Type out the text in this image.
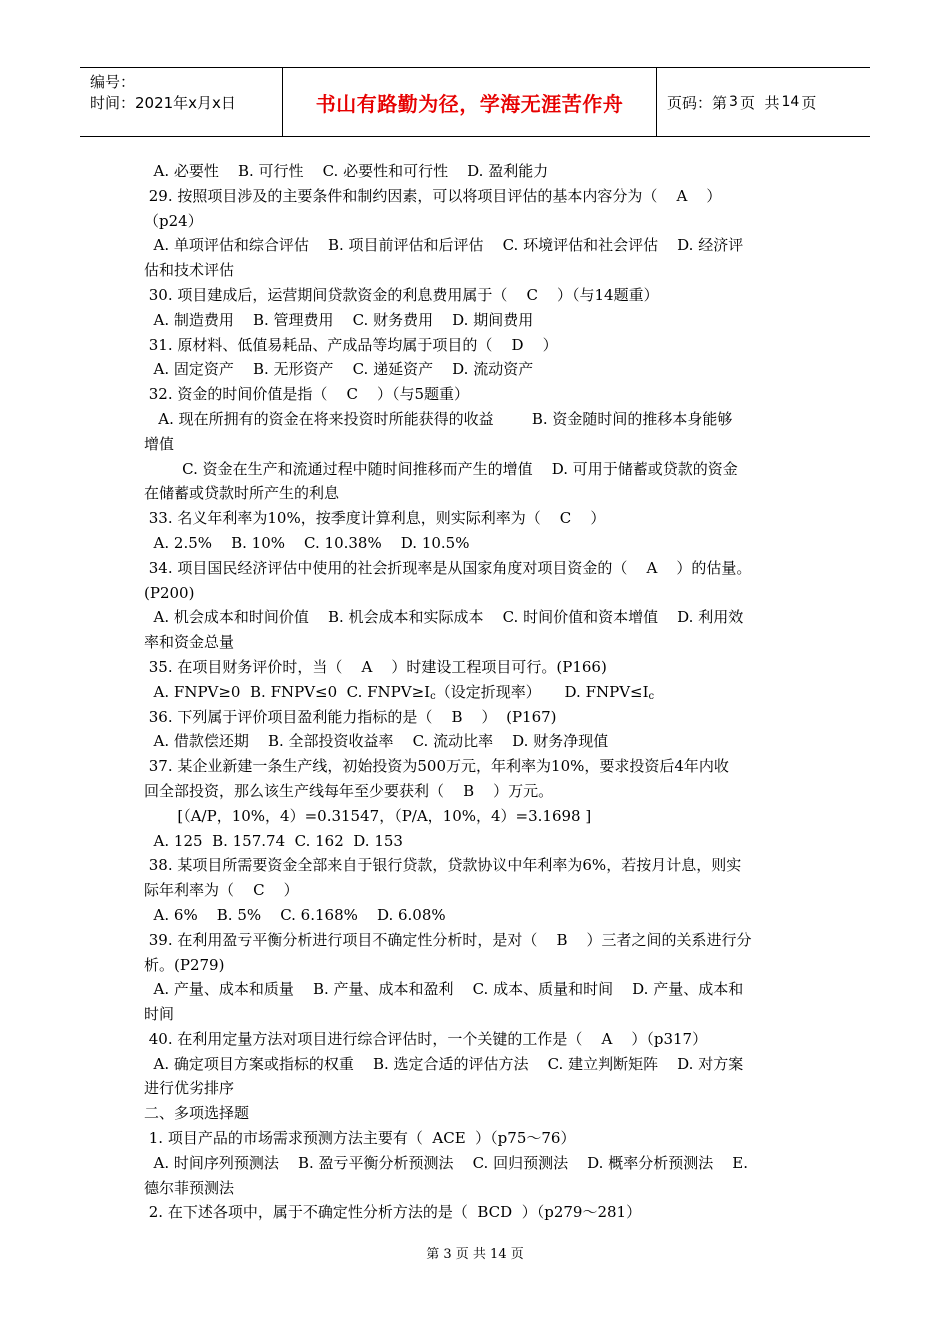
编号：
时间：2021年x月x日	书山有路勤为径，学海无涯苦作舟	页码：第 3 页  共 14 页
A. 必要性    B. 可行性    C. 必要性和可行性    D. 盈利能力
29. 按照项目涉及的主要条件和制约因素，可以将项目评估的基本内容分为（    A    ）
（p24）
A. 单项评估和综合评估    B. 项目前评估和后评估    C. 环境评估和社会评估    D. 经济评
估和技术评估
30. 项目建成后，运营期间贷款资金的利息费用属于（    C    ）（与14题重）
A. 制造费用    B. 管理费用    C. 财务费用    D. 期间费用
31. 原材料、低值易耗品、产成品等均属于项目的（    D    ）
A. 固定资产    B. 无形资产    C. 递延资产    D. 流动资产
32. 资金的时间价值是指（    C    ）（与5题重）
A. 现在所拥有的资金在将来投资时所能获得的收益        B. 资金随时间的推移本身能够
增值
C. 资金在生产和流通过程中随时间推移而产生的增值    D. 可用于储蓄或贷款的资金
在储蓄或贷款时所产生的利息
33. 名义年利率为10%，按季度计算利息，则实际利率为（    C    ）
A. 2.5%    B. 10%    C. 10.38%    D. 10.5%
34. 项目国民经济评估中使用的社会折现率是从国家角度对项目资金的（    A    ）的估量。
(P200)
A. 机会成本和时间价值    B. 机会成本和实际成本    C. 时间价值和资本增值    D. 利用效
率和资金总量
35. 在项目财务评价时，当（    A    ）时建设工程项目可行。(P166)
A. FNPV≥0  B. FNPV≤0  C. $FNPV\ge I_c$（设定折现率）     D. $FNPV\le I_c$
36. 下列属于评价项目盈利能力指标的是（    B    ）  (P167)
A. 借款偿还期    B. 全部投资收益率    C. 流动比率    D. 财务净现值
37. 某企业新建一条生产线，初始投资为500万元，年利率为10%，要求投资后4年内收
回全部投资，那么该生产线每年至少要获利（    B    ）万元。
[（A/P，10%，4）=0.31547，（P/A，10%，4）=3.1698 ]
A. 125  B. 157.74  C. 162  D. 153
38. 某项目所需要资金全部来自于银行贷款，贷款协议中年利率为6%，若按月计息，则实
际年利率为（    C    ）
A. 6%    B. 5%    C. 6.168%    D. 6.08%
39. 在利用盈亏平衡分析进行项目不确定性分析时，是对（    B    ）三者之间的关系进行分
析。(P279)
A. 产量、成本和质量    B. 产量、成本和盈利    C. 成本、质量和时间    D. 产量、成本和
时间
40. 在利用定量方法对项目进行综合评估时，一个关键的工作是（    A    ）（p317）
A. 确定项目方案或指标的权重    B. 选定合适的评估方法    C. 建立判断矩阵    D. 对方案
进行优劣排序
二、多项选择题
1. 项目产品的市场需求预测方法主要有（  ACE  ）（p75～76）
A. 时间序列预测法    B. 盈亏平衡分析预测法    C. 回归预测法    D. 概率分析预测法    E.
德尔菲预测法
2. 在下述各项中，属于不确定性分析方法的是（  BCD  ）（p279～281）
第 3 页 共 14 页
